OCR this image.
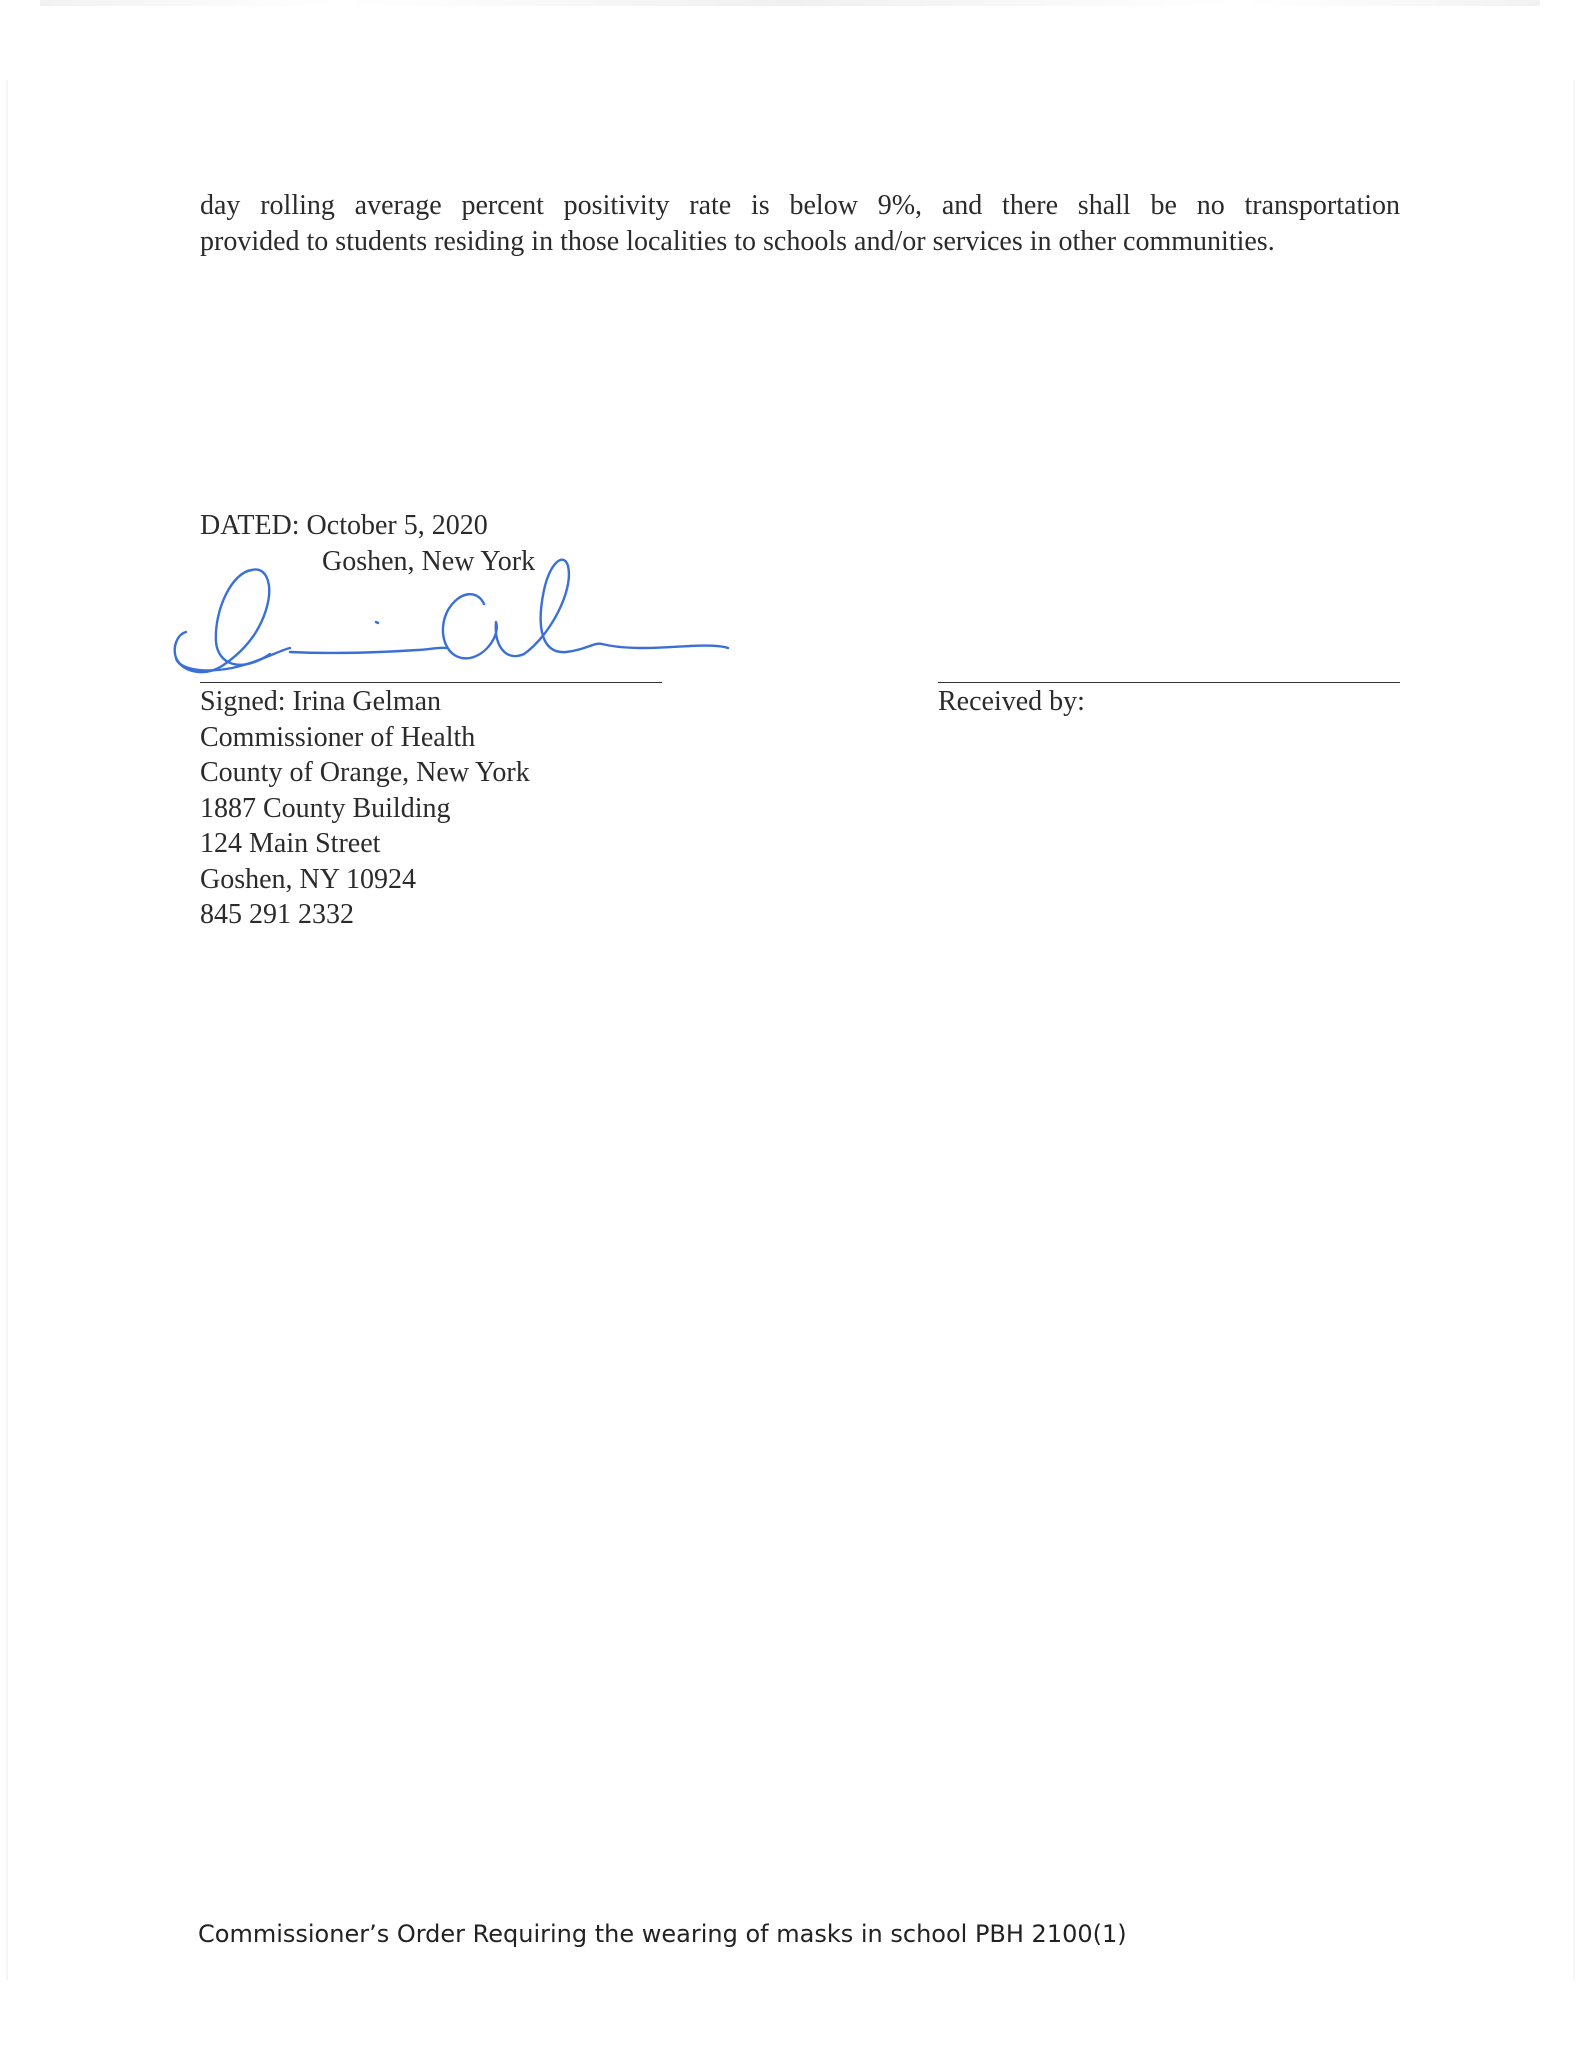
day rolling average percent positivity rate is below 9%, and there shall be no transportation
provided to students residing in those localities to schools and/or services in other communities.
DATED: October 5, 2020
Goshen, New York
Signed: Irina Gelman
Commissioner of Health
County of Orange, New York
1887 County Building
124 Main Street
Goshen, NY 10924
845 291 2332
Received by:
Commissioner’s Order Requiring the wearing of masks in school PBH 2100(1)
